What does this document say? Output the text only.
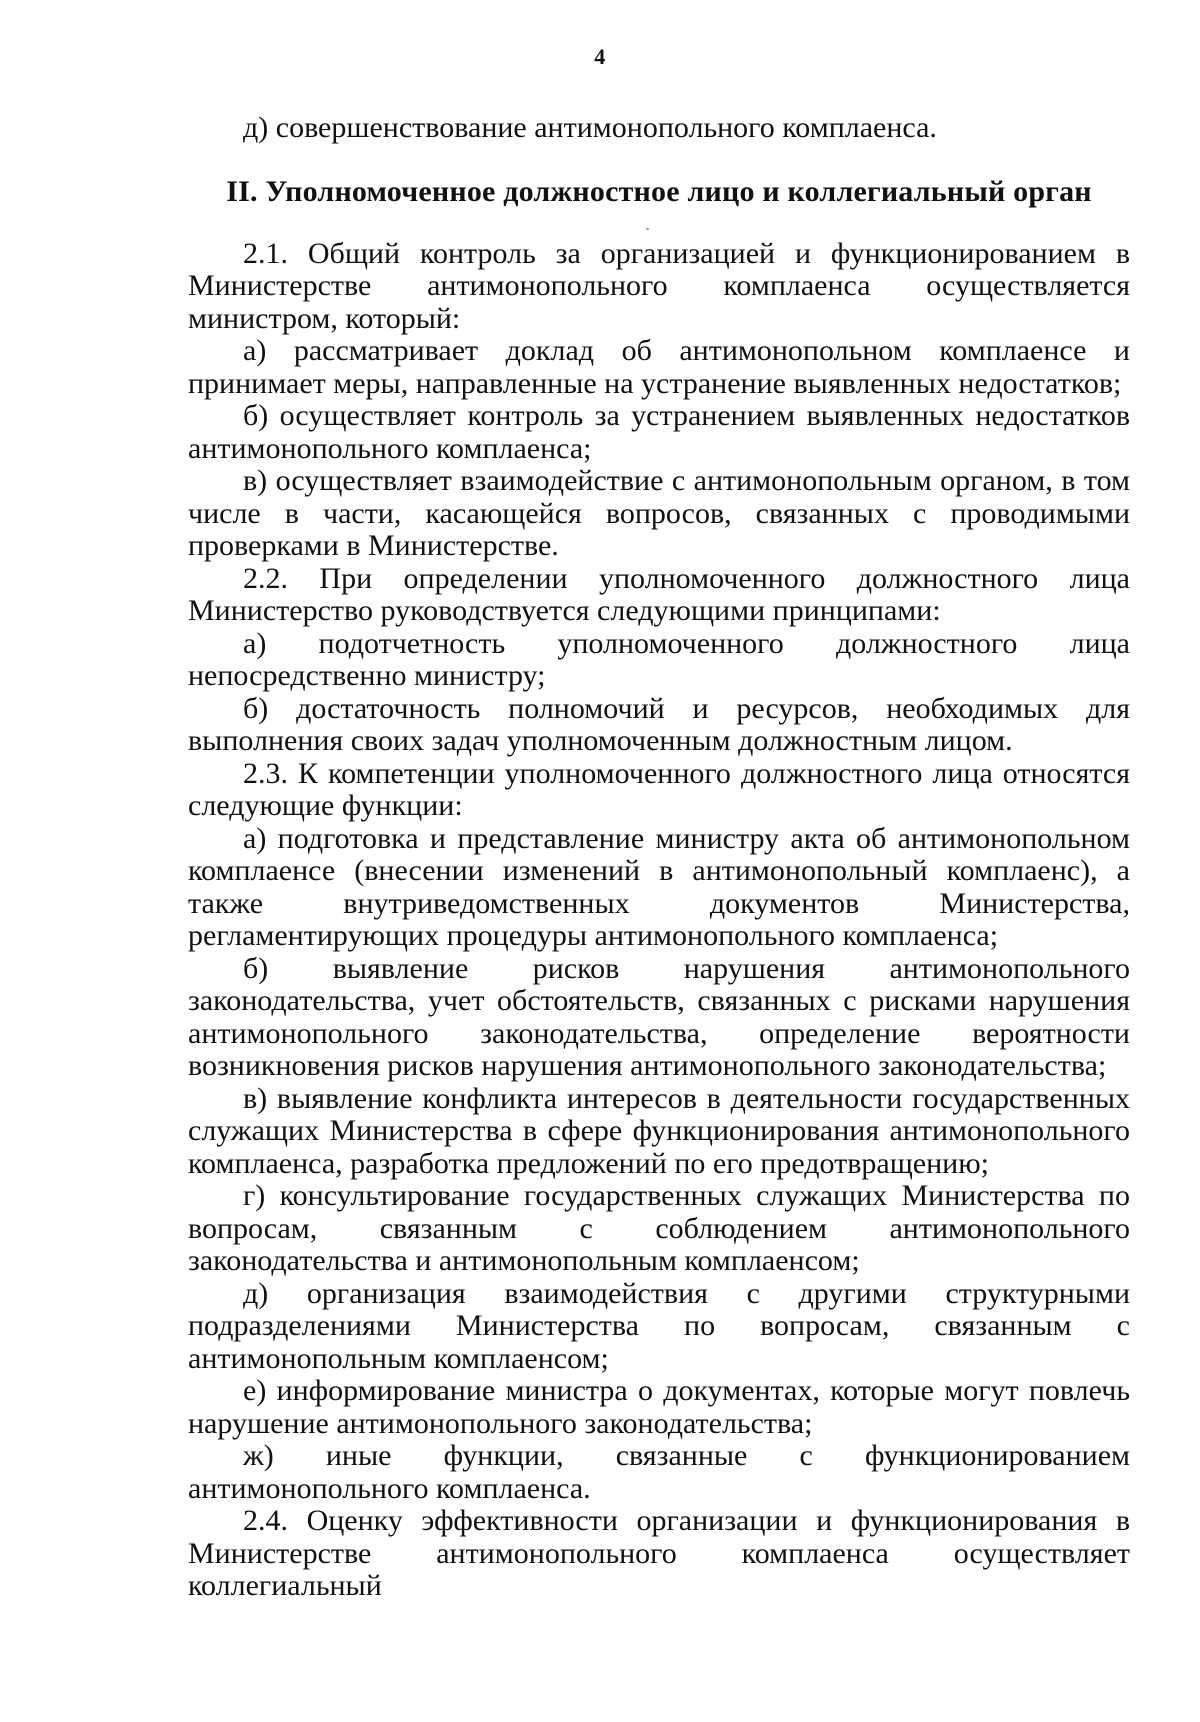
4

д) совершенствование антимонопольного комплаенса.

II. Уполномоченное должностное лицо и коллегиальный орган

2.1. Общий контроль за организацией и функционированием в Министерстве антимонопольного комплаенса осуществляется министром, который:

а) рассматривает доклад об антимонопольном комплаенсе и принимает меры, направленные на устранение выявленных недостатков;

б) осуществляет контроль за устранением выявленных недостатков антимонопольного комплаенса;

в) осуществляет взаимодействие с антимонопольным органом, в том числе в части, касающейся вопросов, связанных с проводимыми проверками в Министерстве.

2.2. При определении уполномоченного должностного лица Министерство руководствуется следующими принципами:

а) подотчетность уполномоченного должностного лица непосредственно министру;

б) достаточность полномочий и ресурсов, необходимых для выполнения своих задач уполномоченным должностным лицом.

2.3. К компетенции уполномоченного должностного лица относятся следующие функции:

а) подготовка и представление министру акта об антимонопольном комплаенсе (внесении изменений в антимонопольный комплаенс), а также внутриведомственных документов Министерства, регламентирующих процедуры антимонопольного комплаенса;

б) выявление рисков нарушения антимонопольного законодательства, учет обстоятельств, связанных с рисками нарушения антимонопольного законодательства, определение вероятности возникновения рисков нарушения антимонопольного законодательства;

в) выявление конфликта интересов в деятельности государственных служащих Министерства в сфере функционирования антимонопольного комплаенса, разработка предложений по его предотвращению;

г) консультирование государственных служащих Министерства по вопросам, связанным с соблюдением антимонопольного законодательства и антимонопольным комплаенсом;

д) организация взаимодействия с другими структурными подразделениями Министерства по вопросам, связанным с антимонопольным комплаенсом;

е) информирование министра о документах, которые могут повлечь нарушение антимонопольного законодательства;

ж) иные функции, связанные с функционированием антимонопольного комплаенса.

2.4. Оценку эффективности организации и функционирования в Министерстве антимонопольного комплаенса осуществляет коллегиальный
